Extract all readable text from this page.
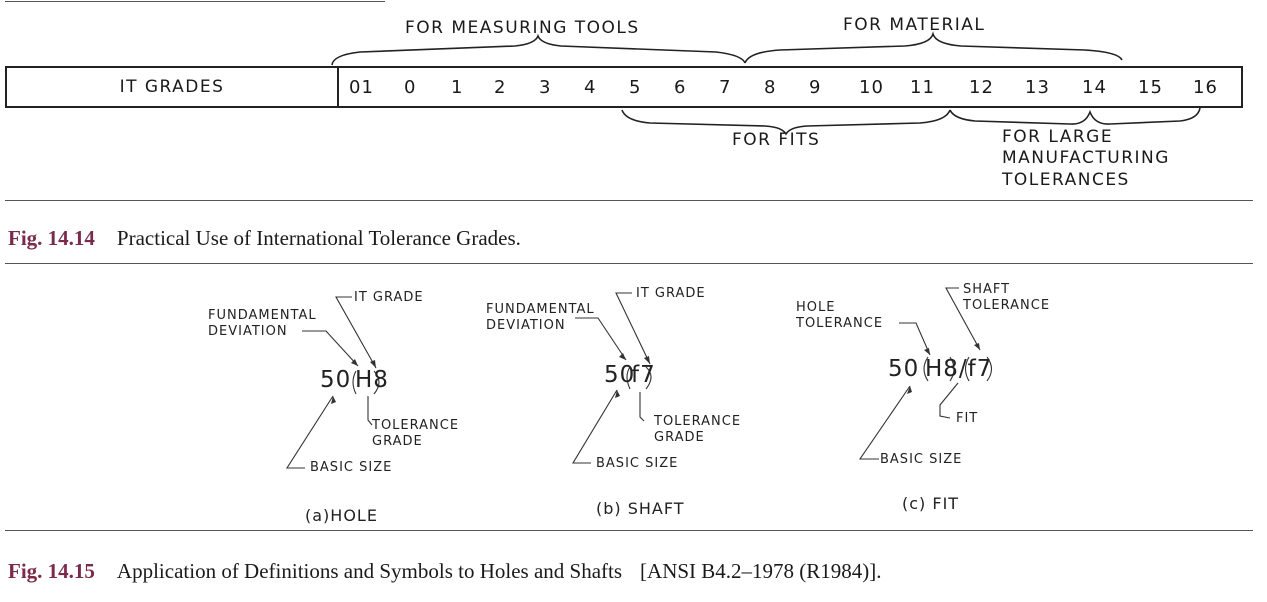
FOR MEASURING TOOLS	FOR MATERIAL
IT GRADES	01 0 1 2 3 4 5 6 7 8 9 10 11 12 13 14 15 16
FOR FITS	FOR LARGE
MANUFACTURING
TOLERANCES
Fig. 14.14 Practical Use of International Tolerance Grades.
FUNDAMENTAL
DEVIATION
IT GRADE
50 H8
TOLERANCE
GRADE
BASIC SIZE
(a)HOLE
FUNDAMENTAL
DEVIATION
IT GRADE
50
f7
TOLERANCE
GRADE
BASIC SIZE
(b) SHAFT
HOLE
TOLERANCE
SHAFT
TOLERANCE
50 H8/f7
FIT
BASIC SIZE
(c) FIT
Fig. 14.15 Application of Definitions and Symbols to Holes and Shafts [ANSI B4.2–1978 (R1984)].
